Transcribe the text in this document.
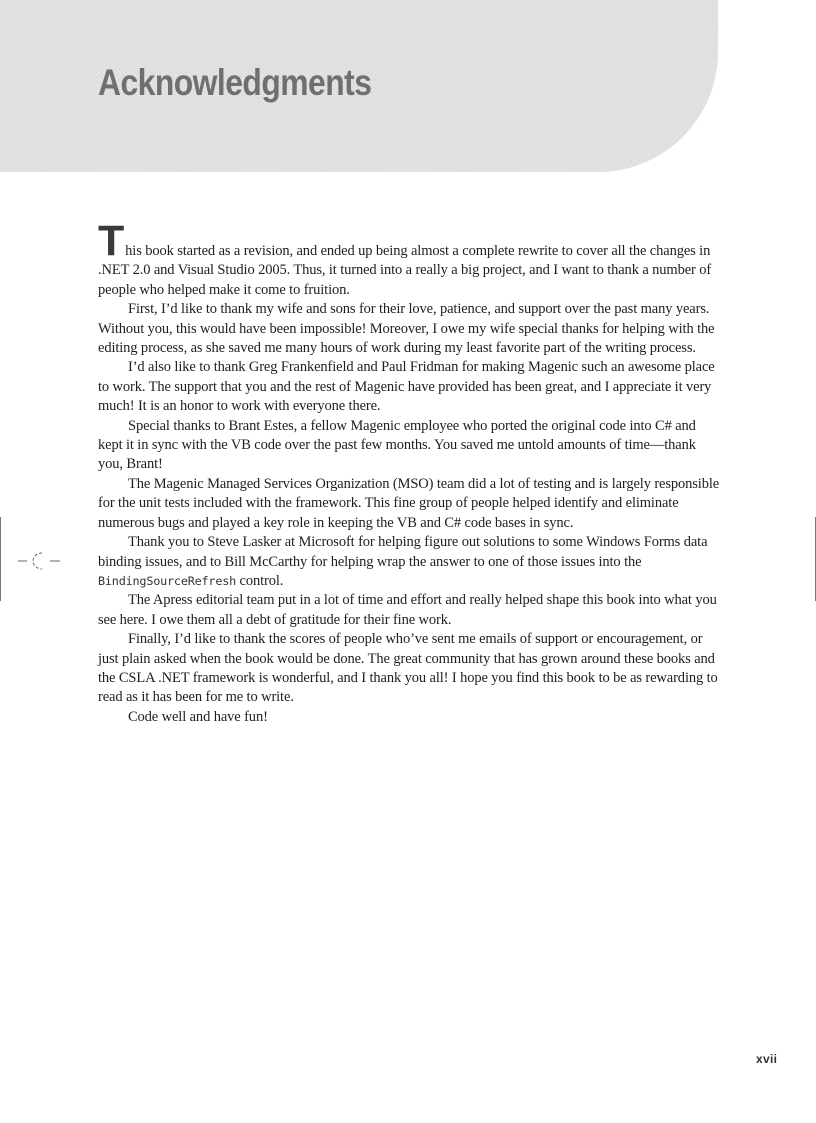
Acknowledgments

This book started as a revision, and ended up being almost a complete rewrite to cover all the changes in .NET 2.0 and Visual Studio 2005. Thus, it turned into a really a big project, and I want to thank a number of people who helped make it come to fruition.

First, I’d like to thank my wife and sons for their love, patience, and support over the past many years. Without you, this would have been impossible! Moreover, I owe my wife special thanks for helping with the editing process, as she saved me many hours of work during my least favorite part of the writing process.

I’d also like to thank Greg Frankenfield and Paul Fridman for making Magenic such an awesome place to work. The support that you and the rest of Magenic have provided has been great, and I appreciate it very much! It is an honor to work with everyone there.

Special thanks to Brant Estes, a fellow Magenic employee who ported the original code into C# and kept it in sync with the VB code over the past few months. You saved me untold amounts of time—thank you, Brant!

The Magenic Managed Services Organization (MSO) team did a lot of testing and is largely responsible for the unit tests included with the framework. This fine group of people helped identify and eliminate numerous bugs and played a key role in keeping the VB and C# code bases in sync.

Thank you to Steve Lasker at Microsoft for helping figure out solutions to some Windows Forms data binding issues, and to Bill McCarthy for helping wrap the answer to one of those issues into the BindingSourceRefresh control.

The Apress editorial team put in a lot of time and effort and really helped shape this book into what you see here. I owe them all a debt of gratitude for their fine work.

Finally, I’d like to thank the scores of people who’ve sent me emails of support or encouragement, or just plain asked when the book would be done. The great community that has grown around these books and the CSLA .NET framework is wonderful, and I thank you all! I hope you find this book to be as rewarding to read as it has been for me to write.

Code well and have fun!

xvii
